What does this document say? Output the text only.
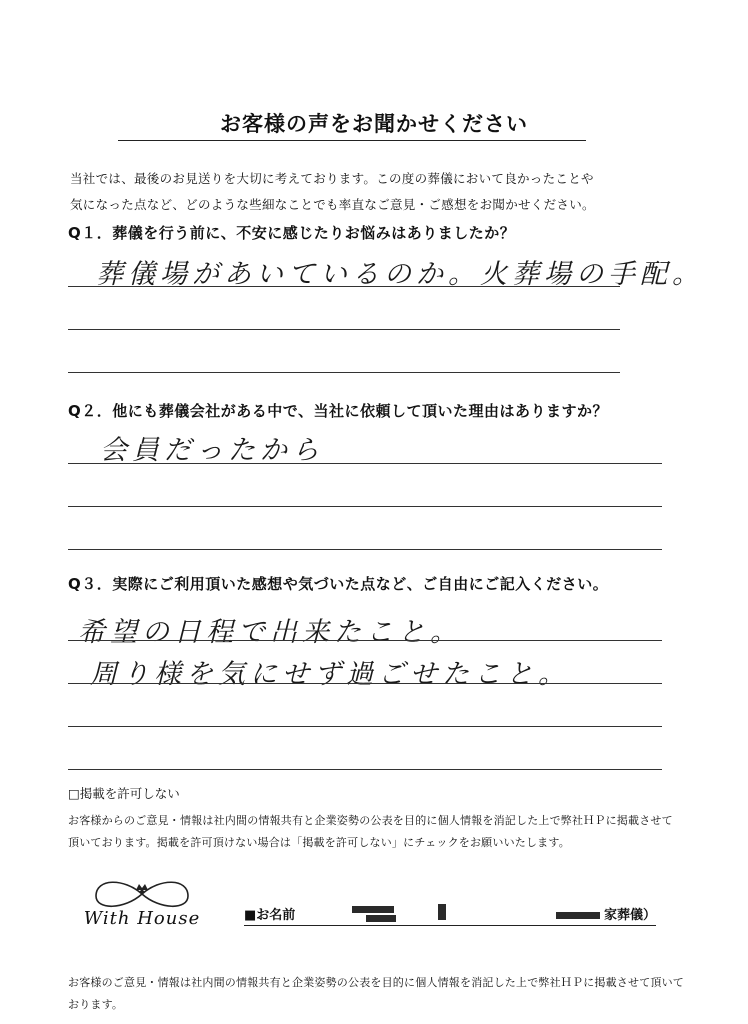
お客様の声をお聞かせください
当社では、最後のお見送りを大切に考えております。この度の葬儀において良かったことや
気になった点など、どのような些細なことでも率直なご意見・ご感想をお聞かせください。
Q１．葬儀を行う前に、不安に感じたりお悩みはありましたか？
葬儀場があいているのか。火葬場の手配。
Q２．他にも葬儀会社がある中で、当社に依頼して頂いた理由はありますか？
会員だったから
Q３．実際にご利用頂いた感想や気づいた点など、ご自由にご記入ください。
希望の日程で出来たこと。
周り様を気にせず過ごせたこと。
□掲載を許可しない
お客様からのご意見・情報は社内間の情報共有と企業姿勢の公表を目的に個人情報を消記した上で弊社ＨＰに掲載させて
頂いております。掲載を許可頂けない場合は「掲載を許可しない」にチェックをお願いいたします。
With House	■お名前	家葬儀）
お客様のご意見・情報は社内間の情報共有と企業姿勢の公表を目的に個人情報を消記した上で弊社ＨＰに掲載させて頂いております。
